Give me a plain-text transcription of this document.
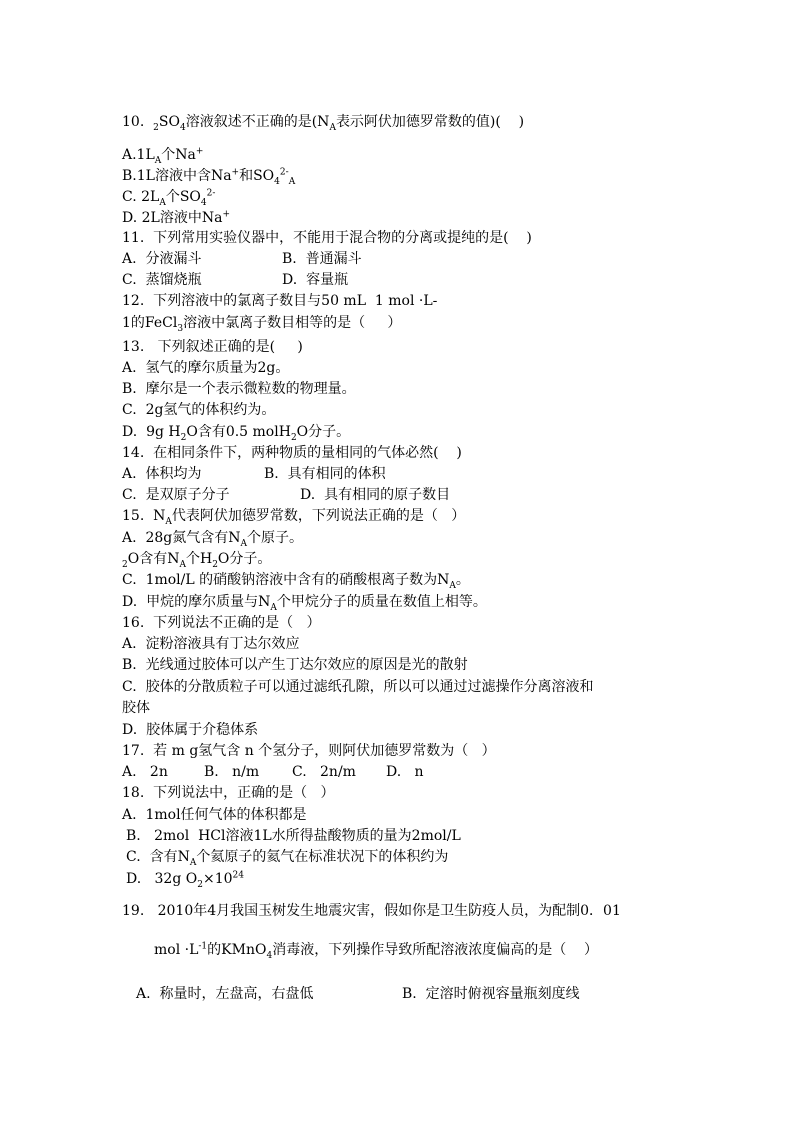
10.  $_2SO_4$溶液叙述不正确的是($N_A$表示阿伏加德罗常数的值)(    )
$A.1L_A$个Na+
B.1L溶液中含Na+和$SO_4^{2-}_A$
C. $2L_A$个$SO_4^{2-}$
D. 2L溶液中Na+
11.  下列常用实验仪器中，不能用于混合物的分离或提纯的是(    )
A.  分液漏斗	B.  普通漏斗
C.  蒸馏烧瓶	D.  容量瓶
12.  下列溶液中的氯离子数目与50 mL  1 mol ·L-
1的FeCl$_3$溶液中氯离子数目相等的是（     ）
13.   下列叙述正确的是(     )
A.  氢气的摩尔质量为2g。
B.  摩尔是一个表示微粒数的物理量。
C.  2g氢气的体积约为。
D.  9g $H_2O$含有0.5 molH$_2$O分子。
14.  在相同条件下，两种物质的量相同的气体必然(    )
A.  体积均为	B.  具有相同的体积
C.  是双原子分子	D.  具有相同的原子数目
15.  $N_A$代表阿伏加德罗常数，下列说法正确的是（   ）
A.  28g氮气含有$N_A$个原子。
$_2$O含有$N_A$个$H_2O$分子。
C.  1mol/L 的硝酸钠溶液中含有的硝酸根离子数为$N_A$。
D.  甲烷的摩尔质量与$N_A$个甲烷分子的质量在数值上相等。
16.  下列说法不正确的是（   ）
A.  淀粉溶液具有丁达尔效应
B.  光线通过胶体可以产生丁达尔效应的原因是光的散射
C.  胶体的分散质粒子可以通过滤纸孔隙，所以可以通过过滤操作分离溶液和
胶体
D.  胶体属于介稳体系
17.  若 m g氢气含 n 个氢分子，则阿伏加德罗常数为（   ）
A.   2n	B.   n/m C.   2n/m D.   n
18.  下列说法中，正确的是（   ）
A.  1mol任何气体的体积都是
B.   2mol  HCl溶液1L水所得盐酸物质的量为2mol/L
C.  含有$N_A$个氦原子的氦气在标准状况下的体积约为
D.   32g $O_2\times 10^{24}$
19.   2010年4月我国玉树发生地震灾害，假如你是卫生防疫人员，为配制0．01
mol $\cdot L^{-1}$的KMnO$_4$消毒液，下列操作导致所配溶液浓度偏高的是（    ）
A.  称量时，左盘高，右盘低	B.  定溶时俯视容量瓶刻度线
